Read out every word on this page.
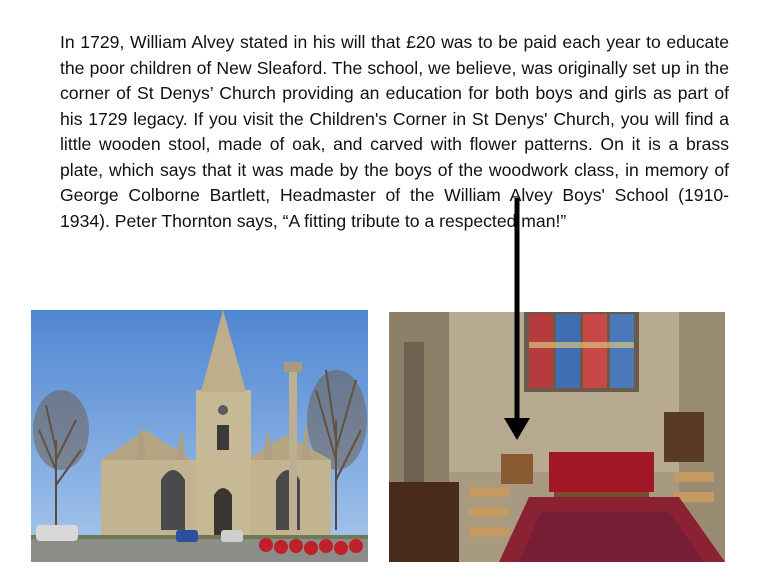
In 1729, William Alvey stated in his will that £20 was to be paid each year to educate the poor children of New Sleaford. The school, we believe, was originally set up in the corner of St Denys’ Church providing an education for both boys and girls as part of his 1729 legacy. If you visit the Children's Corner in St Denys' Church, you will find a little wooden stool, made of oak, and carved with flower patterns. On it is a brass plate, which says that it was made by the boys of the woodwork class, in memory of George Colborne Bartlett, Headmaster of the William Alvey Boys' School (1910-1934). Peter Thornton says, “A fitting tribute to a respected man!”
